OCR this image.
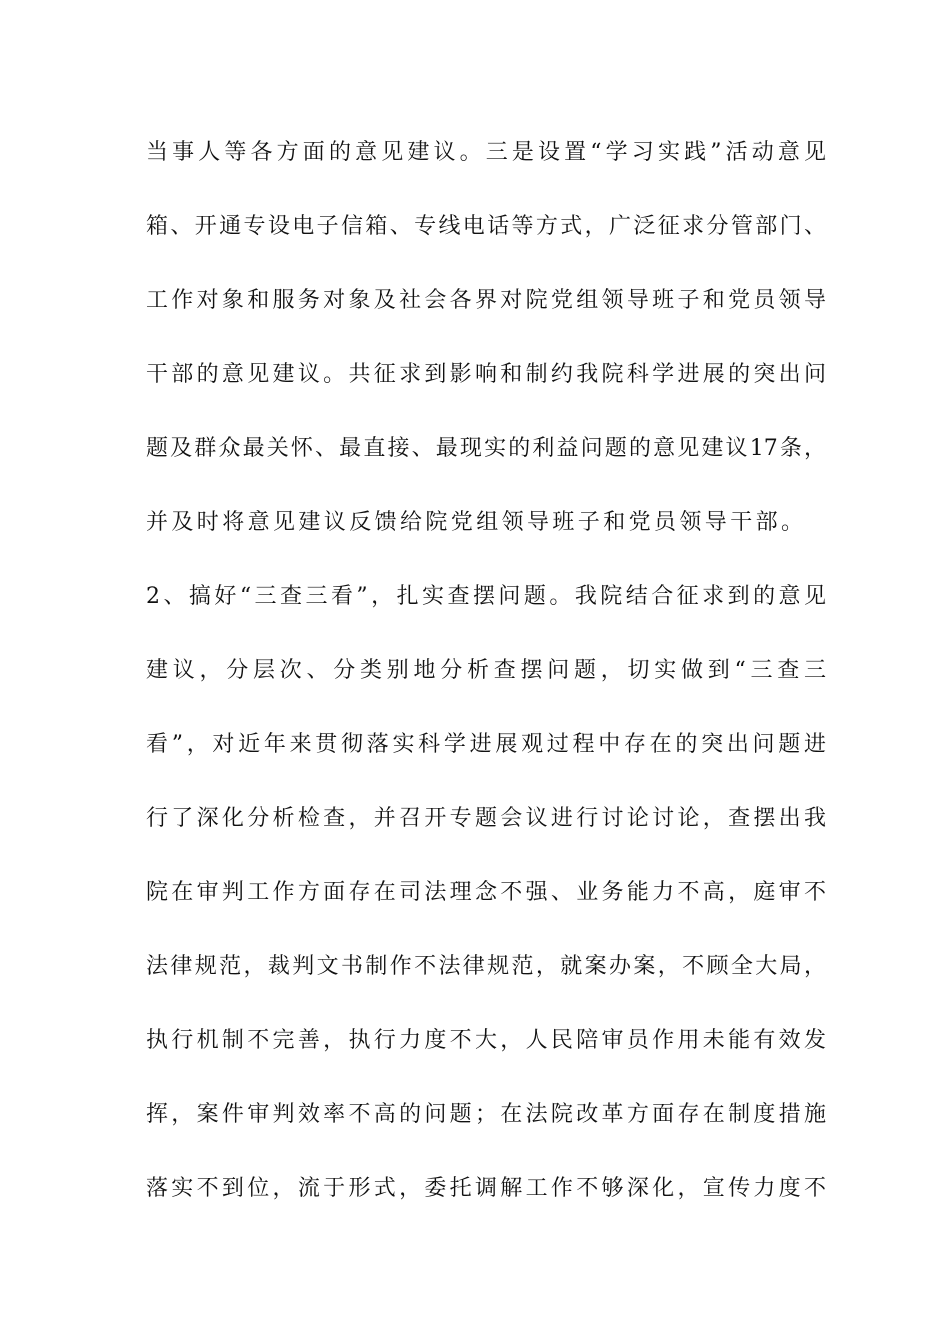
当事人等各方面的意见建议。三是设置“学习实践”活动意见
箱、开通专设电子信箱、专线电话等方式，广泛征求分管部门、
工作对象和服务对象及社会各界对院党组领导班子和党员领导
干部的意见建议。共征求到影响和制约我院科学进展的突出问
题及群众最关怀、最直接、最现实的利益问题的意见建议17条，
并及时将意见建议反馈给院党组领导班子和党员领导干部。
2、搞好“三查三看”，扎实查摆问题。我院结合征求到的意见
建议，分层次、分类别地分析查摆问题，切实做到“三查三
看”，对近年来贯彻落实科学进展观过程中存在的突出问题进
行了深化分析检查，并召开专题会议进行讨论讨论，查摆出我
院在审判工作方面存在司法理念不强、业务能力不高，庭审不
法律规范，裁判文书制作不法律规范，就案办案，不顾全大局，
执行机制不完善，执行力度不大，人民陪审员作用未能有效发
挥，案件审判效率不高的问题；在法院改革方面存在制度措施
落实不到位，流于形式，委托调解工作不够深化，宣传力度不
